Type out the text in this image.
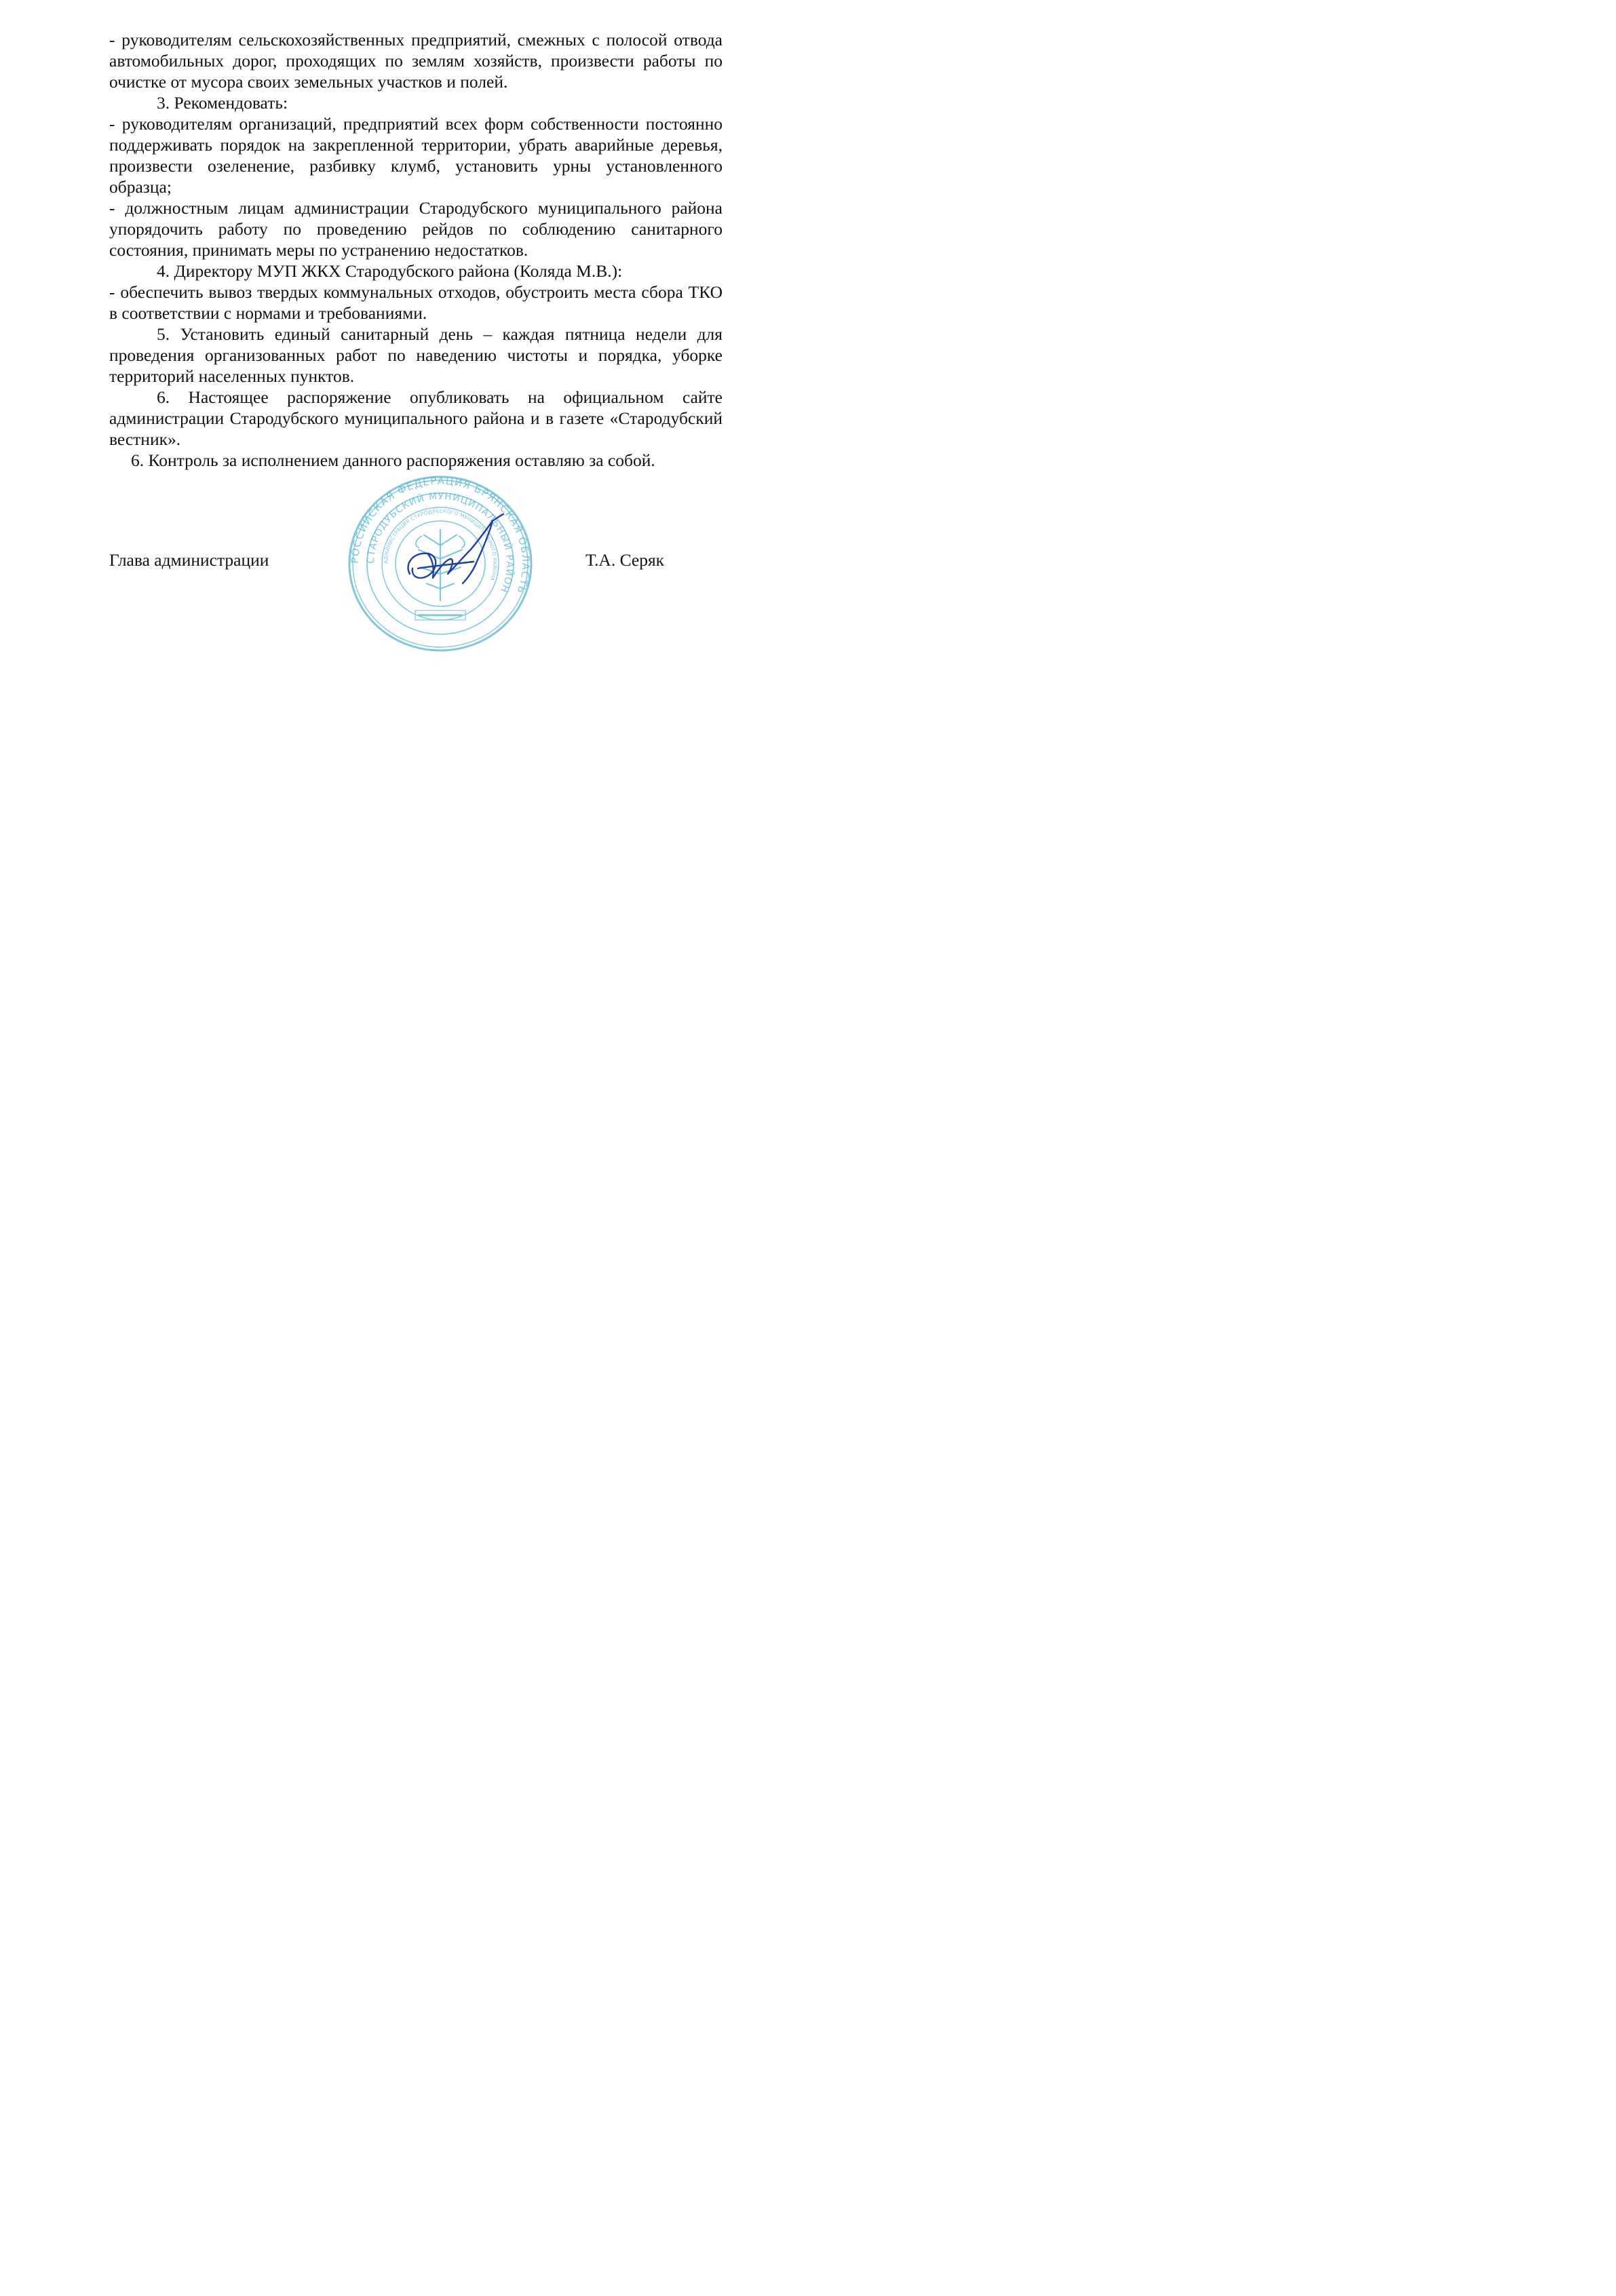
- руководителям сельскохозяйственных предприятий, смежных с полосой отвода автомобильных дорог, проходящих по землям хозяйств, произвести работы по очистке от мусора своих земельных участков и полей.

3. Рекомендовать:

- руководителям организаций, предприятий всех форм собственности постоянно поддерживать порядок на закрепленной территории, убрать аварийные деревья, произвести озеленение, разбивку клумб, установить урны установленного образца;

- должностным лицам администрации Стародубского муниципального района упорядочить работу по проведению рейдов по соблюдению санитарного состояния, принимать меры по устранению недостатков.

4. Директору МУП ЖКХ Стародубского района (Коляда М.В.):

- обеспечить вывоз твердых коммунальных отходов, обустроить места сбора ТКО в соответствии с нормами и требованиями.

5. Установить единый санитарный день – каждая пятница недели для проведения организованных работ по наведению чистоты и порядка, уборке территорий населенных пунктов.

6. Настоящее распоряжение опубликовать на официальном сайте администрации Стародубского муниципального района и в газете «Стародубский вестник».

6. Контроль за исполнением данного распоряжения оставляю за собой.

Глава администрации	Т.А. Серяк
РОССИЙСКАЯ ФЕДЕРАЦИЯ БРЯНСКАЯ ОБЛАСТЬ
СТАРОДУБСКИЙ МУНИЦИПАЛЬНЫЙ РАЙОН
АДМИНИСТРАЦИЯ СТАРОДУБСКОГО МУНИЦИПАЛЬНОГО РАЙОНА
